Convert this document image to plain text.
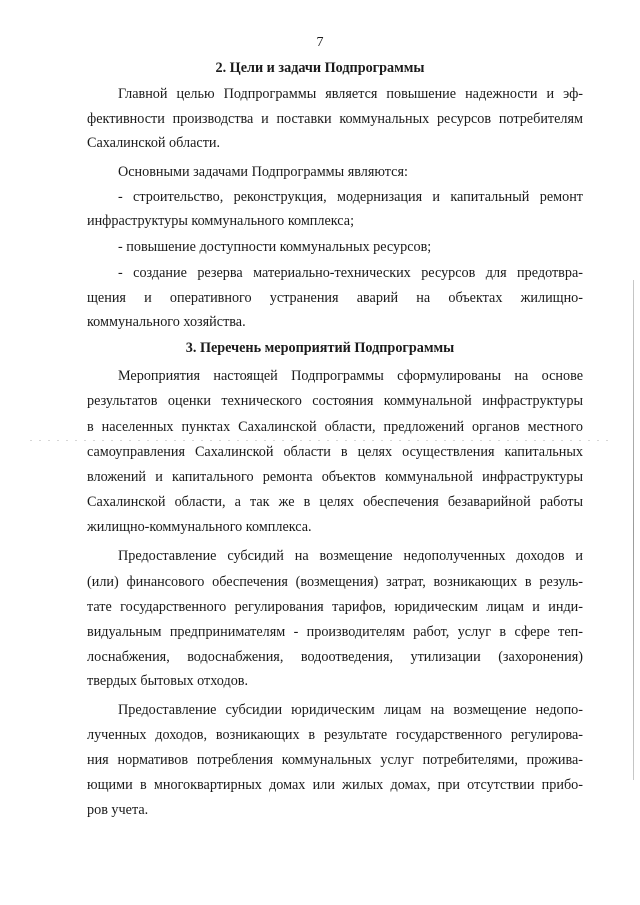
7
2. Цели и задачи Подпрограммы
Главной целью Подпрограммы является повышение надежности и эф-
фективности производства и поставки коммунальных ресурсов потребителям
Сахалинской области.
Основными задачами Подпрограммы являются:
- строительство, реконструкция, модернизация и капитальный ремонт
инфраструктуры коммунального комплекса;
- повышение доступности коммунальных ресурсов;
- создание резерва материально-технических ресурсов для предотвра-
щения и оперативного устранения аварий на объектах жилищно-
коммунального хозяйства.
3. Перечень мероприятий Подпрограммы
Мероприятия настоящей Подпрограммы сформулированы на основе
результатов оценки технического состояния коммунальной инфраструктуры
в населенных пунктах Сахалинской области, предложений органов местного
самоуправления Сахалинской области в целях осуществления капитальных
вложений и капитального ремонта объектов коммунальной инфраструктуры
Сахалинской области, а так же в целях обеспечения безаварийной работы
жилищно-коммунального комплекса.
Предоставление субсидий на возмещение недополученных доходов и
(или) финансового обеспечения (возмещения) затрат, возникающих в резуль-
тате государственного регулирования тарифов, юридическим лицам и инди-
видуальным предпринимателям - производителям работ, услуг в сфере теп-
лоснабжения, водоснабжения, водоотведения, утилизации (захоронения)
твердых бытовых отходов.
Предоставление субсидии юридическим лицам на возмещение недопо-
лученных доходов, возникающих в результате государственного регулирова-
ния нормативов потребления коммунальных услуг потребителями, прожива-
ющими в многоквартирных домах или жилых домах, при отсутствии прибо-
ров учета.
